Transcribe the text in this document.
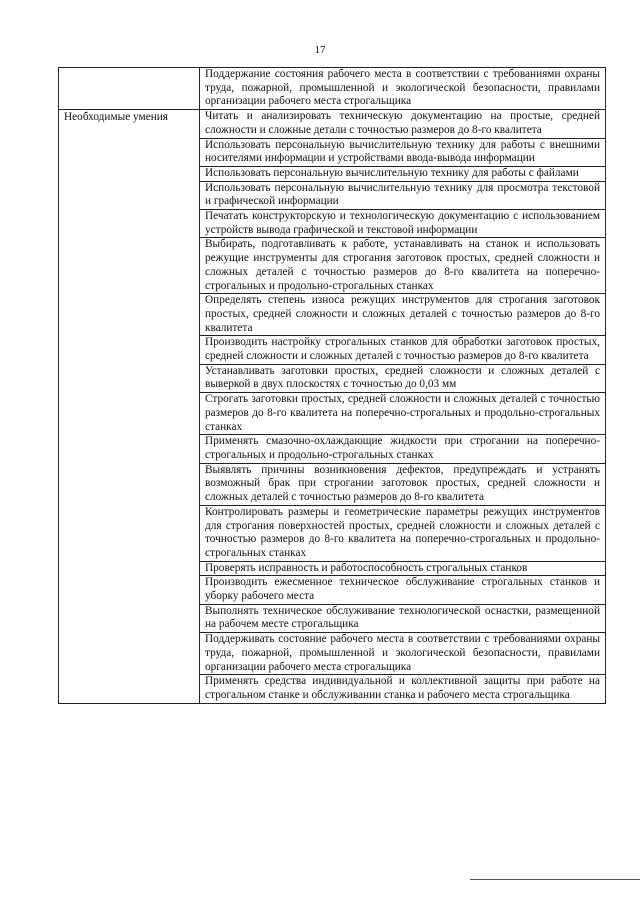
17
	Поддержание состояния рабочего места в соответствии с требованиями охраны труда, пожарной, промышленной и экологической безопасности, правилами организации рабочего места строгальщика
Необходимые умения	Читать и анализировать техническую документацию на простые, средней сложности и сложные детали с точностью размеров до 8-го квалитета
	Использовать персональную вычислительную технику для работы с внешними носителями информации и устройствами ввода-вывода информации
	Использовать персональную вычислительную технику для работы с файлами
	Использовать персональную вычислительную технику для просмотра текстовой и графической информации
	Печатать конструкторскую и технологическую документацию с использованием устройств вывода графической и текстовой информации
	Выбирать, подготавливать к работе, устанавливать на станок и использовать режущие инструменты для строгания заготовок простых, средней сложности и сложных деталей с точностью размеров до 8-го квалитета на поперечно-строгальных и продольно-строгальных станках
	Определять степень износа режущих инструментов для строгания заготовок простых, средней сложности и сложных деталей с точностью размеров до 8-го квалитета
	Производить настройку строгальных станков для обработки заготовок простых, средней сложности и сложных деталей с точностью размеров до 8-го квалитета
	Устанавливать заготовки простых, средней сложности и сложных деталей с выверкой в двух плоскостях с точностью до 0,03 мм
	Строгать заготовки простых, средней сложности и сложных деталей с точностью размеров до 8-го квалитета на поперечно-строгальных и продольно-строгальных станках
	Применять смазочно-охлаждающие жидкости при строгании на поперечно-строгальных и продольно-строгальных станках
	Выявлять причины возникновения дефектов, предупреждать и устранять возможный брак при строгании заготовок простых, средней сложности и сложных деталей с точностью размеров до 8-го квалитета
	Контролировать размеры и геометрические параметры режущих инструментов для строгания поверхностей простых, средней сложности и сложных деталей с точностью размеров до 8-го квалитета на поперечно-строгальных и продольно-строгальных станках
	Проверять исправность и работоспособность строгальных станков
	Производить ежесменное техническое обслуживание строгальных станков и уборку рабочего места
	Выполнять техническое обслуживание технологической оснастки, размещенной на рабочем месте строгальщика
	Поддерживать состояние рабочего места в соответствии с требованиями охраны труда, пожарной, промышленной и экологической безопасности, правилами организации рабочего места строгальщика
	Применять средства индивидуальной и коллективной защиты при работе на строгальном станке и обслуживании станка и рабочего места строгальщика
